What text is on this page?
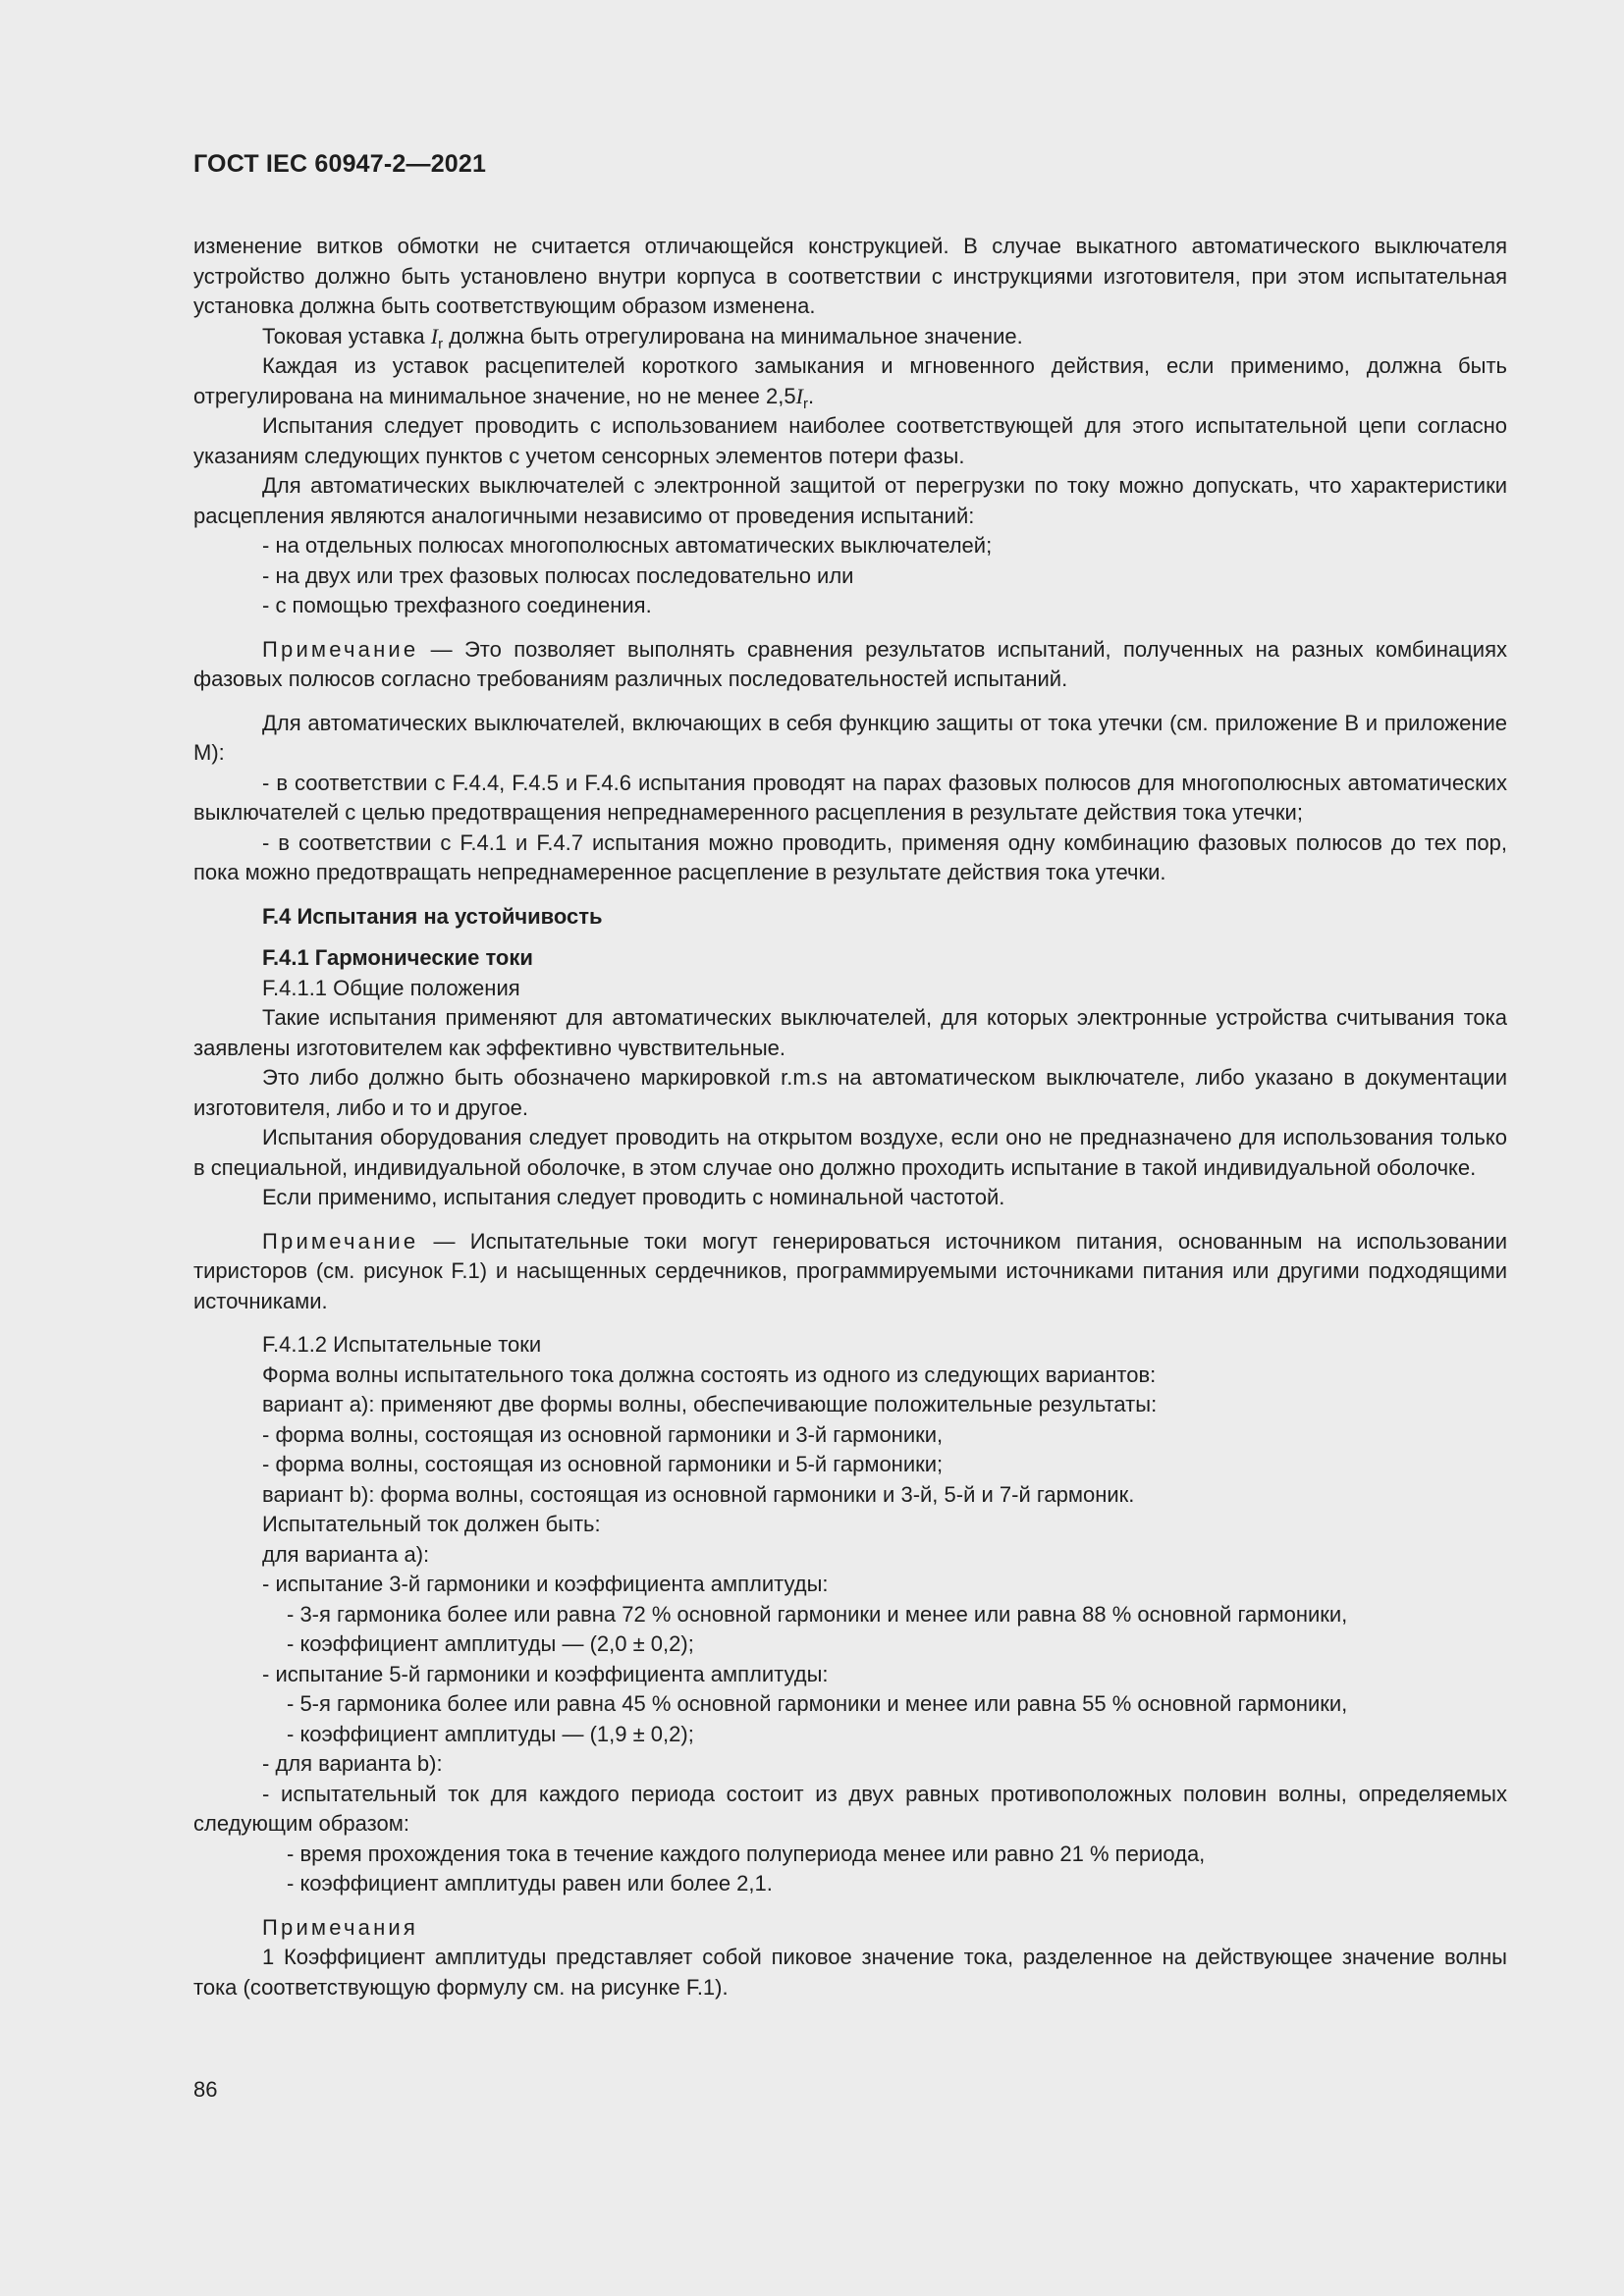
ГОСТ IEC 60947-2—2021

изменение витков обмотки не считается отличающейся конструкцией. В случае выкатного автоматического выключателя устройство должно быть установлено внутри корпуса в соответствии с инструкциями изготовителя, при этом испытательная установка должна быть соответствующим образом изменена.

Токовая уставка $I_r$ должна быть отрегулирована на минимальное значение.

Каждая из уставок расцепителей короткого замыкания и мгновенного действия, если применимо, должна быть отрегулирована на минимальное значение, но не менее $2,5I_r$.

Испытания следует проводить с использованием наиболее соответствующей для этого испытательной цепи согласно указаниям следующих пунктов с учетом сенсорных элементов потери фазы.

Для автоматических выключателей с электронной защитой от перегрузки по току можно допускать, что характеристики расцепления являются аналогичными независимо от проведения испытаний:

- на отдельных полюсах многополюсных автоматических выключателей;

- на двух или трех фазовых полюсах последовательно или

- с помощью трехфазного соединения.

Примечание — Это позволяет выполнять сравнения результатов испытаний, полученных на разных комбинациях фазовых полюсов согласно требованиям различных последовательностей испытаний.

Для автоматических выключателей, включающих в себя функцию защиты от тока утечки (см. приложение B и приложение M):

- в соответствии с F.4.4, F.4.5 и F.4.6 испытания проводят на парах фазовых полюсов для многополюсных автоматических выключателей с целью предотвращения непреднамеренного расцепления в результате действия тока утечки;

- в соответствии с F.4.1 и F.4.7 испытания можно проводить, применяя одну комбинацию фазовых полюсов до тех пор, пока можно предотвращать непреднамеренное расцепление в результате действия тока утечки.

F.4 Испытания на устойчивость

F.4.1 Гармонические токи

F.4.1.1 Общие положения

Такие испытания применяют для автоматических выключателей, для которых электронные устройства считывания тока заявлены изготовителем как эффективно чувствительные.

Это либо должно быть обозначено маркировкой r.m.s на автоматическом выключателе, либо указано в документации изготовителя, либо и то и другое.

Испытания оборудования следует проводить на открытом воздухе, если оно не предназначено для использования только в специальной, индивидуальной оболочке, в этом случае оно должно проходить испытание в такой индивидуальной оболочке.

Если применимо, испытания следует проводить с номинальной частотой.

Примечание — Испытательные токи могут генерироваться источником питания, основанным на использовании тиристоров (см. рисунок F.1) и насыщенных сердечников, программируемыми источниками питания или другими подходящими источниками.

F.4.1.2 Испытательные токи

Форма волны испытательного тока должна состоять из одного из следующих вариантов:

вариант а): применяют две формы волны, обеспечивающие положительные результаты:

- форма волны, состоящая из основной гармоники и 3-й гармоники,

- форма волны, состоящая из основной гармоники и 5-й гармоники;

вариант b): форма волны, состоящая из основной гармоники и 3-й, 5-й и 7-й гармоник.

Испытательный ток должен быть:

для варианта а):

- испытание 3-й гармоники и коэффициента амплитуды:

- 3-я гармоника более или равна 72 % основной гармоники и менее или равна 88 % основной гармоники,

- коэффициент амплитуды — (2,0 ± 0,2);

- испытание 5-й гармоники и коэффициента амплитуды:

- 5-я гармоника более или равна 45 % основной гармоники и менее или равна 55 % основной гармоники,

- коэффициент амплитуды — (1,9 ± 0,2);

- для варианта b):

- испытательный ток для каждого периода состоит из двух равных противоположных половин волны, определяемых следующим образом:

- время прохождения тока в течение каждого полупериода менее или равно 21 % периода,

- коэффициент амплитуды равен или более 2,1.

Примечания

1 Коэффициент амплитуды представляет собой пиковое значение тока, разделенное на действующее значение волны тока (соответствующую формулу см. на рисунке F.1).

86
